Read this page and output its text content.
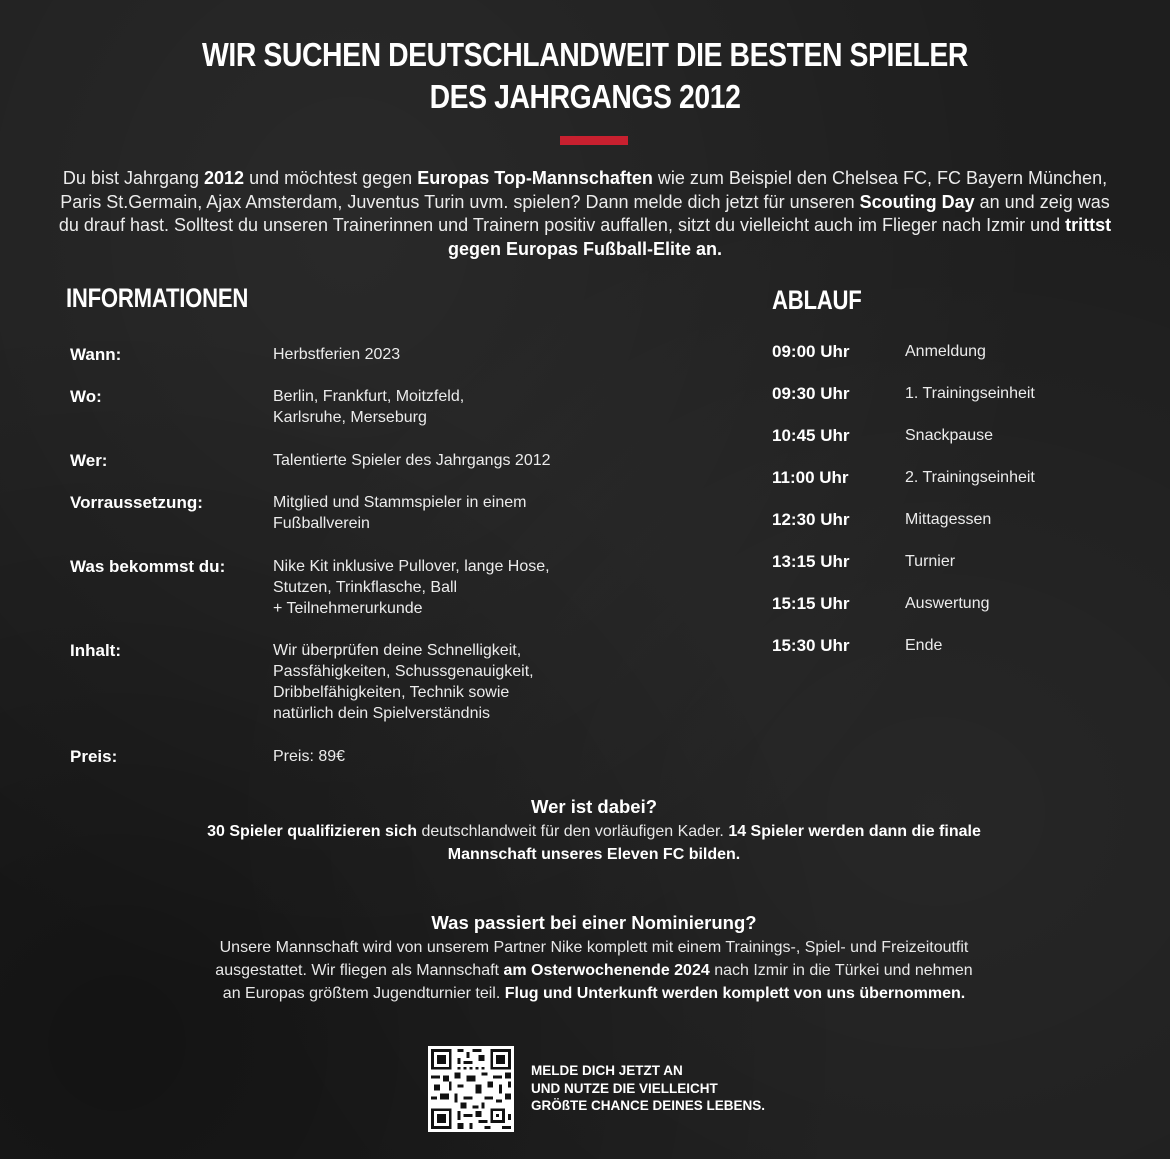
WIR SUCHEN DEUTSCHLANDWEIT DIE BESTEN SPIELER
DES JAHRGANGS 2012

Du bist Jahrgang 2012 und möchtest gegen Europas Top-Mannschaften wie zum Beispiel den Chelsea FC, FC Bayern München, Paris St.Germain, Ajax Amsterdam, Juventus Turin uvm. spielen? Dann melde dich jetzt für unseren Scouting Day an und zeig was du drauf hast. Solltest du unseren Trainerinnen und Trainern positiv auffallen, sitzt du vielleicht auch im Flieger nach Izmir und trittst gegen Europas Fußball-Elite an.

INFORMATIONEN	ABLAUF
Wann:	Herbstferien 2023
Wo:	Berlin, Frankfurt, Moitzfeld,
Karlsruhe, Merseburg
Wer:	Talentierte Spieler des Jahrgangs 2012
Vorraussetzung:	Mitglied und Stammspieler in einem
Fußballverein
Was bekommst du:	Nike Kit inklusive Pullover, lange Hose,
Stutzen, Trinkflasche, Ball
+ Teilnehmerurkunde
Inhalt:	Wir überprüfen deine Schnelligkeit,
Passfähigkeiten, Schussgenauigkeit,
Dribbelfähigkeiten, Technik sowie
natürlich dein Spielverständnis
Preis:	Preis: 89€
09:00 Uhr	Anmeldung
09:30 Uhr	1. Trainingseinheit
10:45 Uhr	Snackpause
11:00 Uhr	2. Trainingseinheit
12:30 Uhr	Mittagessen
13:15 Uhr	Turnier
15:15 Uhr	Auswertung
15:30 Uhr	Ende
Wer ist dabei?
30 Spieler qualifizieren sich deutschlandweit für den vorläufigen Kader. 14 Spieler werden dann die finale Mannschaft unseres Eleven FC bilden.
Was passiert bei einer Nominierung?
Unsere Mannschaft wird von unserem Partner Nike komplett mit einem Trainings-, Spiel- und Freizeitoutfit ausgestattet. Wir fliegen als Mannschaft am Osterwochenende 2024 nach Izmir in die Türkei und nehmen an Europas größtem Jugendturnier teil. Flug und Unterkunft werden komplett von uns übernommen.
MELDE DICH JETZT AN
UND NUTZE DIE VIELLEICHT
GRÖßTE CHANCE DEINES LEBENS.
